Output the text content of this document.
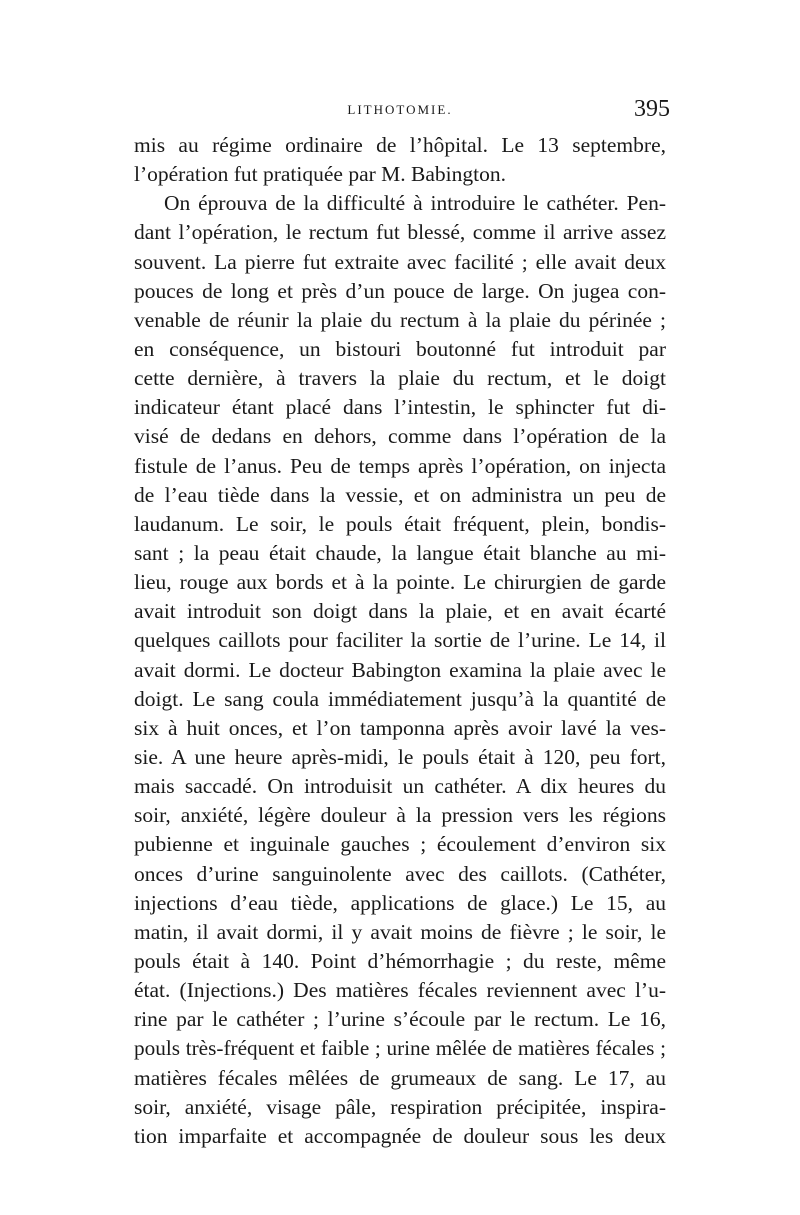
LITHOTOMIE.	395
mis au régime ordinaire de l’hôpital. Le 13 septembre,
l’opération fut pratiquée par M. Babington.
On éprouva de la difficulté à introduire le cathéter. Pen-
dant l’opération, le rectum fut blessé, comme il arrive assez
souvent. La pierre fut extraite avec facilité ; elle avait deux
pouces de long et près d’un pouce de large. On jugea con-
venable de réunir la plaie du rectum à la plaie du périnée ;
en conséquence, un bistouri boutonné fut introduit par
cette dernière, à travers la plaie du rectum, et le doigt
indicateur étant placé dans l’intestin, le sphincter fut di-
visé de dedans en dehors, comme dans l’opération de la
fistule de l’anus. Peu de temps après l’opération, on injecta
de l’eau tiède dans la vessie, et on administra un peu de
laudanum. Le soir, le pouls était fréquent, plein, bondis-
sant ; la peau était chaude, la langue était blanche au mi-
lieu, rouge aux bords et à la pointe. Le chirurgien de garde
avait introduit son doigt dans la plaie, et en avait écarté
quelques caillots pour faciliter la sortie de l’urine. Le 14, il
avait dormi. Le docteur Babington examina la plaie avec le
doigt. Le sang coula immédiatement jusqu’à la quantité de
six à huit onces, et l’on tamponna après avoir lavé la ves-
sie. A une heure après-midi, le pouls était à 120, peu fort,
mais saccadé. On introduisit un cathéter. A dix heures du
soir, anxiété, légère douleur à la pression vers les régions
pubienne et inguinale gauches ; écoulement d’environ six
onces d’urine sanguinolente avec des caillots. (Cathéter,
injections d’eau tiède, applications de glace.) Le 15, au
matin, il avait dormi, il y avait moins de fièvre ; le soir, le
pouls était à 140. Point d’hémorrhagie ; du reste, même
état. (Injections.) Des matières fécales reviennent avec l’u-
rine par le cathéter ; l’urine s’écoule par le rectum. Le 16,
pouls très-fréquent et faible ; urine mêlée de matières fécales ;
matières fécales mêlées de grumeaux de sang. Le 17, au
soir, anxiété, visage pâle, respiration précipitée, inspira-
tion imparfaite et accompagnée de douleur sous les deux
